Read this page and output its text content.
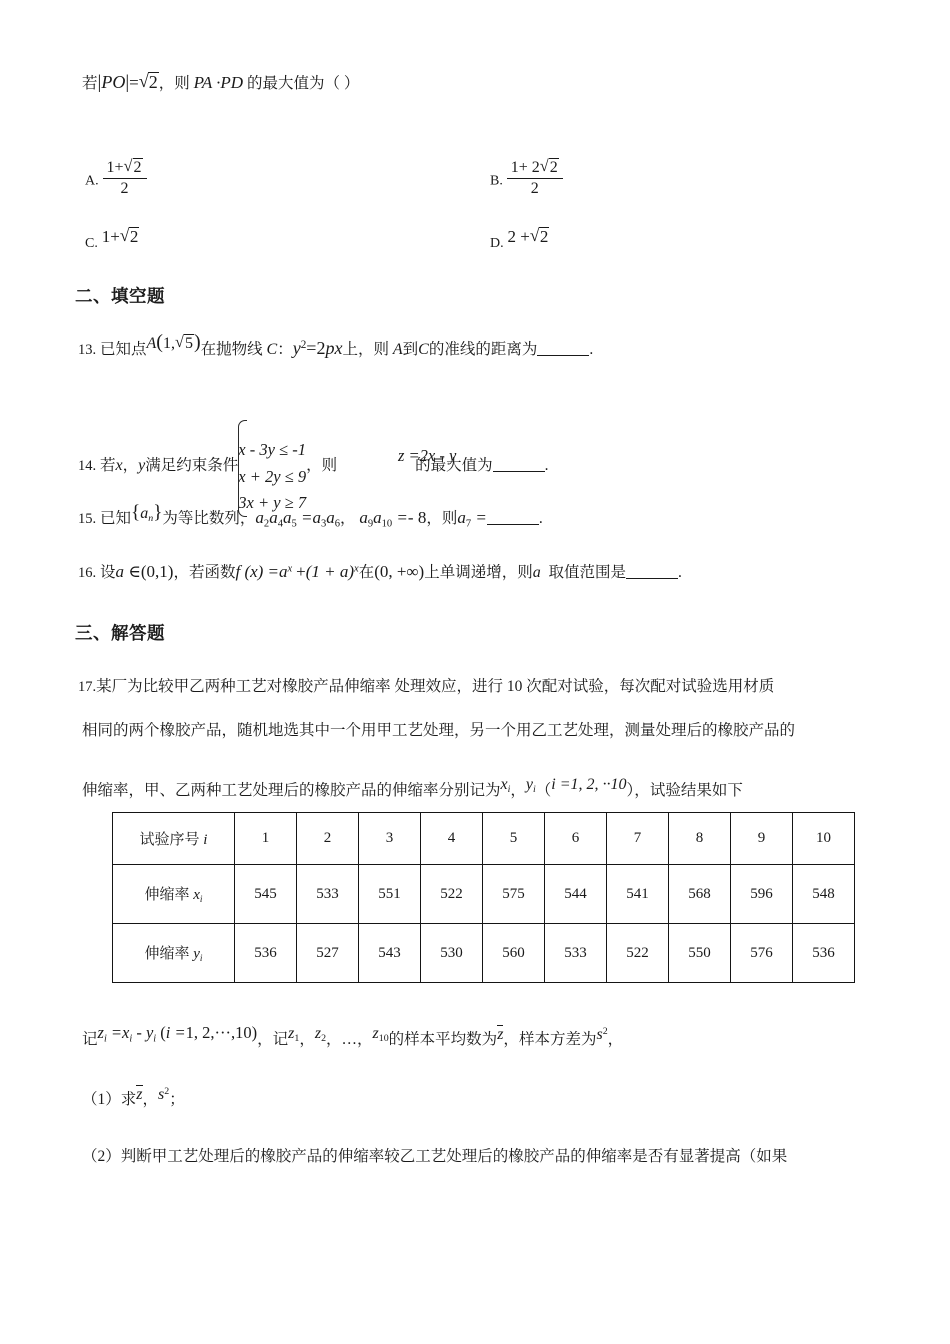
若|PO|= √ 2，则 PA ·PD 的最大值为（ ）
A. $\frac{1+ √ 2}{2}$	B. $\frac{1+ 2 √ 2}{2}$
C. 1+ √ 2	D. 2 + √ 2
二、填空题
13. 已知点A(1, √ 5)在抛物线 C：$y^2=2px$上，则 A到C的准线的距离为	.
14. 若x，y满足约束条件
x - 3y ≤ -1
x + 2y ≤ 9
3x + y ≥ 7
，则	的最大值为	.
z =2x - y
15. 已知$\{a_n\}$为等比数列，a2a4a5 =a3a6， a9a10 =- 8，则a7 =	.
16. 设a ∈(0,1)，若函数f $(x) =a^x +(1 + a)^x$在(0, +∞)上单调递增，则a 取值范围是	.
三、解答题
17.某厂为比较甲乙两种工艺对橡胶产品伸缩率 处理效应，进行 10 次配对试验，每次配对试验选用材质
相同的两个橡胶产品，随机地选其中一个用甲工艺处理，另一个用乙工艺处理，测量处理后的橡胶产品的
伸缩率，甲、乙两种工艺处理后的橡胶产品的伸缩率分别记为$x_i$，$y_i(i =1$, 2, ··10），试验结果如下
试验序号 i	1	2	3	4	5	6	7	8	9	10
伸缩率 $x_i$	545	533	551	522	575	544	541	568	596	548
伸缩率 $y_i$	536	527	543	530	560	533	522	550	576	536
记$z_i =x_i - y_i$ (i =1, 2,···,10)，记z1，z2，…，z10的样本平均数为z，样本方差为$s^2$，
（1）求z，$s^2$；
（2）判断甲工艺处理后的橡胶产品的伸缩率较乙工艺处理后的橡胶产品的伸缩率是否有显著提高（如果
